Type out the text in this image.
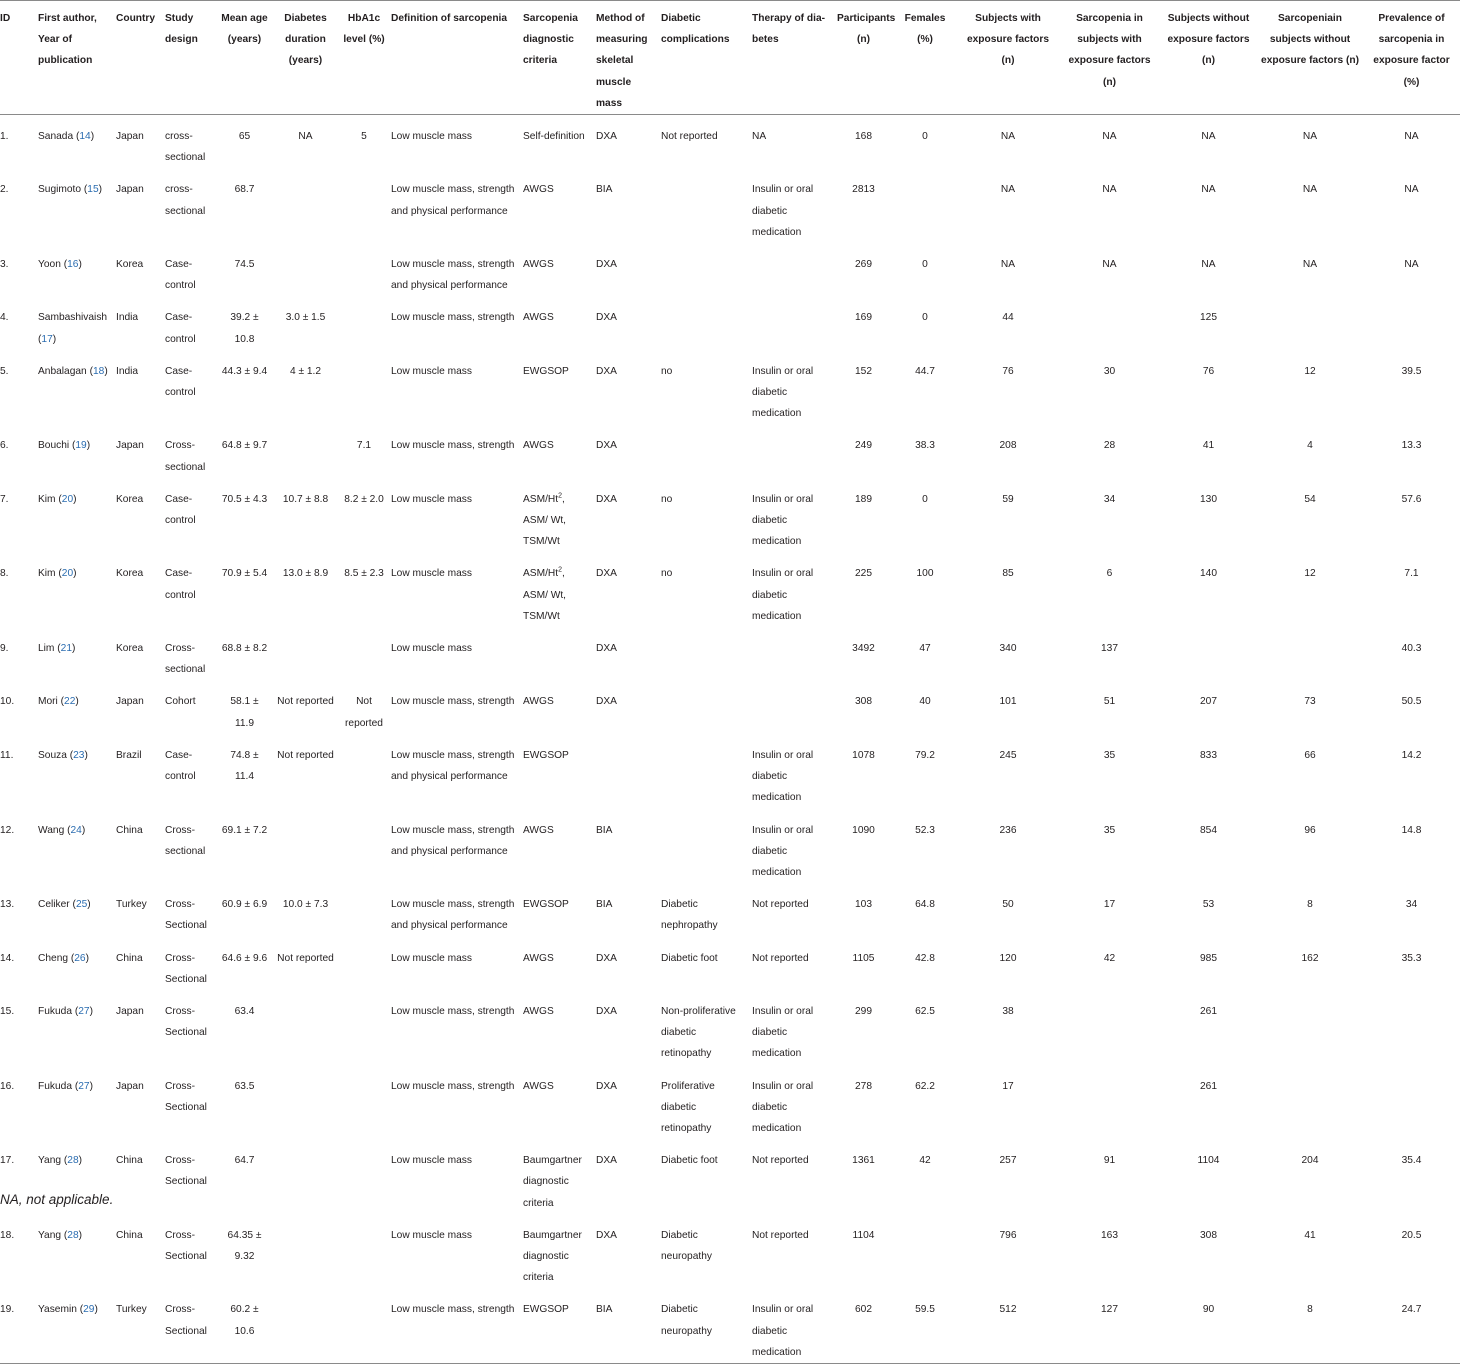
ID	First author, Year of publication	Country	Study design	Mean age (years)	Diabetes duration (years)	HbA1c level (%)	Definition of sarcopenia	Sarcopenia diagnostic criteria	Method of measuring skeletal muscle mass	Diabetic complications	Therapy of dia- betes	Participants (n)	Females (%)	Subjects with exposure factors (n)	Sarcopenia in subjects with exposure factors (n)	Subjects without exposure factors (n)	Sarcopeniain subjects without exposure factors (n)	Prevalence of sarcopenia in exposure factor (%)
1.	Sanada (14)	Japan	cross-sectional	65	NA	5	Low muscle mass	Self-definition	DXA	Not reported	NA	168	0	NA	NA	NA	NA	NA
2.	Sugimoto (15)	Japan	cross-sectional	68.7			Low muscle mass, strength and physical performance	AWGS	BIA		Insulin or oral diabetic medication	2813		NA	NA	NA	NA	NA
3.	Yoon (16)	Korea	Case-control	74.5			Low muscle mass, strength and physical performance	AWGS	DXA			269	0	NA	NA	NA	NA	NA
4.	Sambashivaish (17)	India	Case-control	39.2 ± 10.8	3.0 ± 1.5		Low muscle mass, strength	AWGS	DXA			169	0	44		125		
5.	Anbalagan (18)	India	Case-control	44.3 ± 9.4	4 ± 1.2		Low muscle mass	EWGSOP	DXA	no	Insulin or oral diabetic medication	152	44.7	76	30	76	12	39.5
6.	Bouchi (19)	Japan	Cross-sectional	64.8 ± 9.7		7.1	Low muscle mass, strength	AWGS	DXA			249	38.3	208	28	41	4	13.3
7.	Kim (20)	Korea	Case-control	70.5 ± 4.3	10.7 ± 8.8	8.2 ± 2.0	Low muscle mass	ASM/Ht$^2$, ASM/ Wt, TSM/Wt	DXA	no	Insulin or oral diabetic medication	189	0	59	34	130	54	57.6
8.	Kim (20)	Korea	Case-control	70.9 ± 5.4	13.0 ± 8.9	8.5 ± 2.3	Low muscle mass	ASM/Ht$^2$, ASM/ Wt, TSM/Wt	DXA	no	Insulin or oral diabetic medication	225	100	85	6	140	12	7.1
9.	Lim (21)	Korea	Cross-sectional	68.8 ± 8.2			Low muscle mass		DXA			3492	47	340	137			40.3
10.	Mori (22)	Japan	Cohort	58.1 ± 11.9	Not reported	Not reported	Low muscle mass, strength	AWGS	DXA			308	40	101	51	207	73	50.5
11.	Souza (23)	Brazil	Case-control	74.8 ± 11.4	Not reported		Low muscle mass, strength and physical performance	EWGSOP			Insulin or oral diabetic medication	1078	79.2	245	35	833	66	14.2
12.	Wang (24)	China	Cross-sectional	69.1 ± 7.2			Low muscle mass, strength and physical performance	AWGS	BIA		Insulin or oral diabetic medication	1090	52.3	236	35	854	96	14.8
13.	Celiker (25)	Turkey	Cross-Sectional	60.9 ± 6.9	10.0 ± 7.3		Low muscle mass, strength and physical performance	EWGSOP	BIA	Diabetic nephropathy	Not reported	103	64.8	50	17	53	8	34
14.	Cheng (26)	China	Cross-Sectional	64.6 ± 9.6	Not reported		Low muscle mass	AWGS	DXA	Diabetic foot	Not reported	1105	42.8	120	42	985	162	35.3
15.	Fukuda (27)	Japan	Cross-Sectional	63.4			Low muscle mass, strength	AWGS	DXA	Non-proliferative diabetic retinopathy	Insulin or oral diabetic medication	299	62.5	38		261		
16.	Fukuda (27)	Japan	Cross-Sectional	63.5			Low muscle mass, strength	AWGS	DXA	Proliferative diabetic retinopathy	Insulin or oral diabetic medication	278	62.2	17		261		
17.	Yang (28)	China	Cross-Sectional	64.7			Low muscle mass	Baumgartner diagnostic criteria	DXA	Diabetic foot	Not reported	1361	42	257	91	1104	204	35.4
18.	Yang (28)	China	Cross-Sectional	64.35 ± 9.32			Low muscle mass	Baumgartner diagnostic criteria	DXA	Diabetic neuropathy	Not reported	1104		796	163	308	41	20.5
19.	Yasemin (29)	Turkey	Cross-Sectional	60.2 ± 10.6			Low muscle mass, strength	EWGSOP	BIA	Diabetic neuropathy	Insulin or oral diabetic medication	602	59.5	512	127	90	8	24.7
NA, not applicable.
